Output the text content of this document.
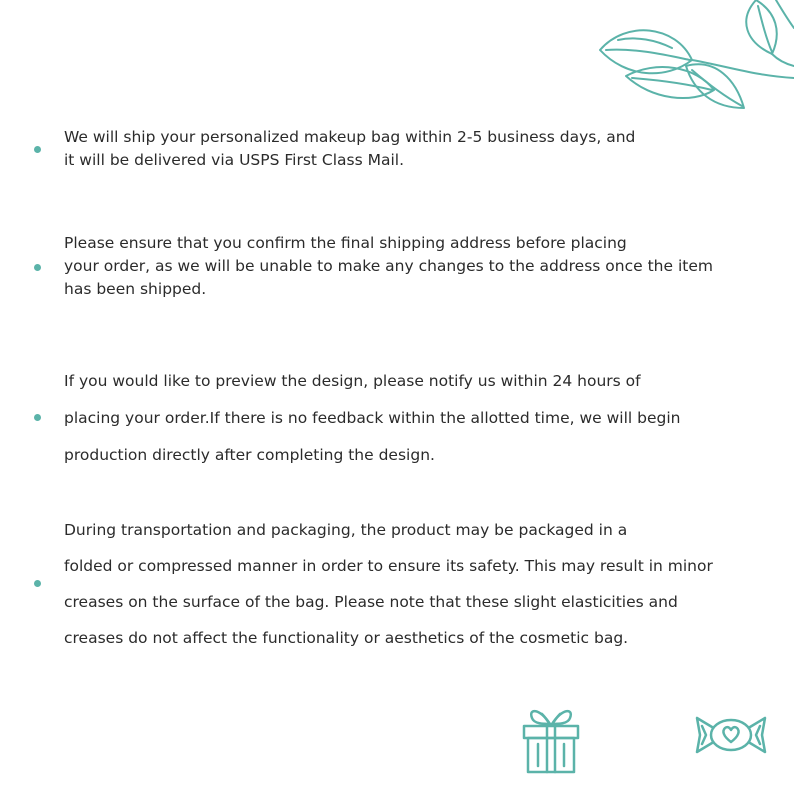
We will ship your personalized makeup bag within 2-5 business days, and
it will be delivered via USPS First Class Mail.

Please ensure that you confirm the final shipping address before placing
your order, as we will be unable to make any changes to the address once the item
has been shipped.

If you would like to preview the design, please notify us within 24 hours of
placing your order.If there is no feedback within the allotted time, we will begin
production directly after completing the design.

During transportation and packaging, the product may be packaged in a
folded or compressed manner in order to ensure its safety. This may result in minor
creases on the surface of the bag. Please note that these slight elasticities and
creases do not affect the functionality or aesthetics of the cosmetic bag.
